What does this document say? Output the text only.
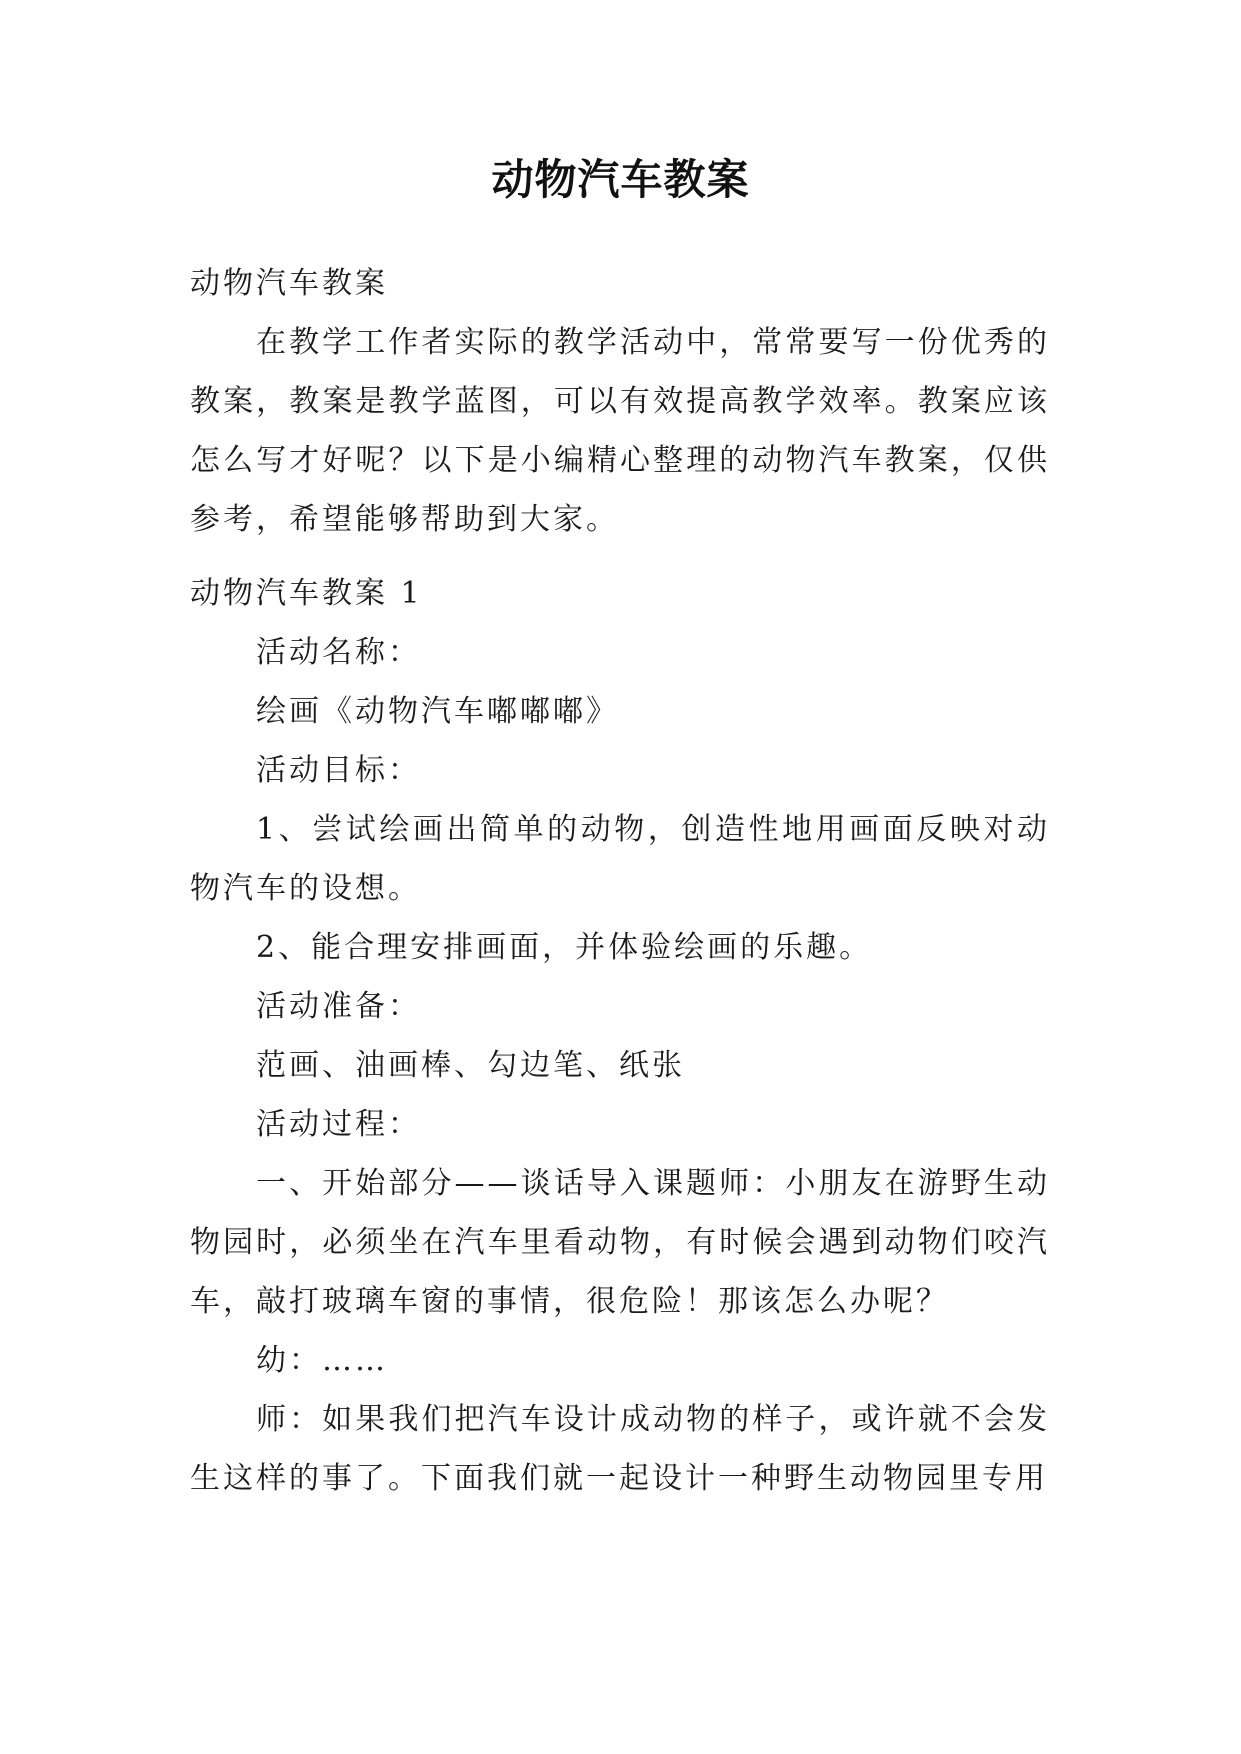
动物汽车教案
动物汽车教案

在教学工作者实际的教学活动中，常常要写一份优秀的教案，教案是教学蓝图，可以有效提高教学效率。教案应该怎么写才好呢？以下是小编精心整理的动物汽车教案，仅供参考，希望能够帮助到大家。

动物汽车教案 1
活动名称：
绘画《动物汽车嘟嘟嘟》
活动目标：

1、尝试绘画出简单的动物，创造性地用画面反映对动物汽车的设想。

2、能合理安排画面，并体验绘画的乐趣。

活动准备：
范画、油画棒、勾边笔、纸张
活动过程：

一、开始部分——谈话导入课题师：小朋友在游野生动物园时，必须坐在汽车里看动物，有时候会遇到动物们咬汽车，敲打玻璃车窗的事情，很危险！那该怎么办呢？

幼：……

师：如果我们把汽车设计成动物的样子，或许就不会发生这样的事了。下面我们就一起设计一种野生动物园里专用
